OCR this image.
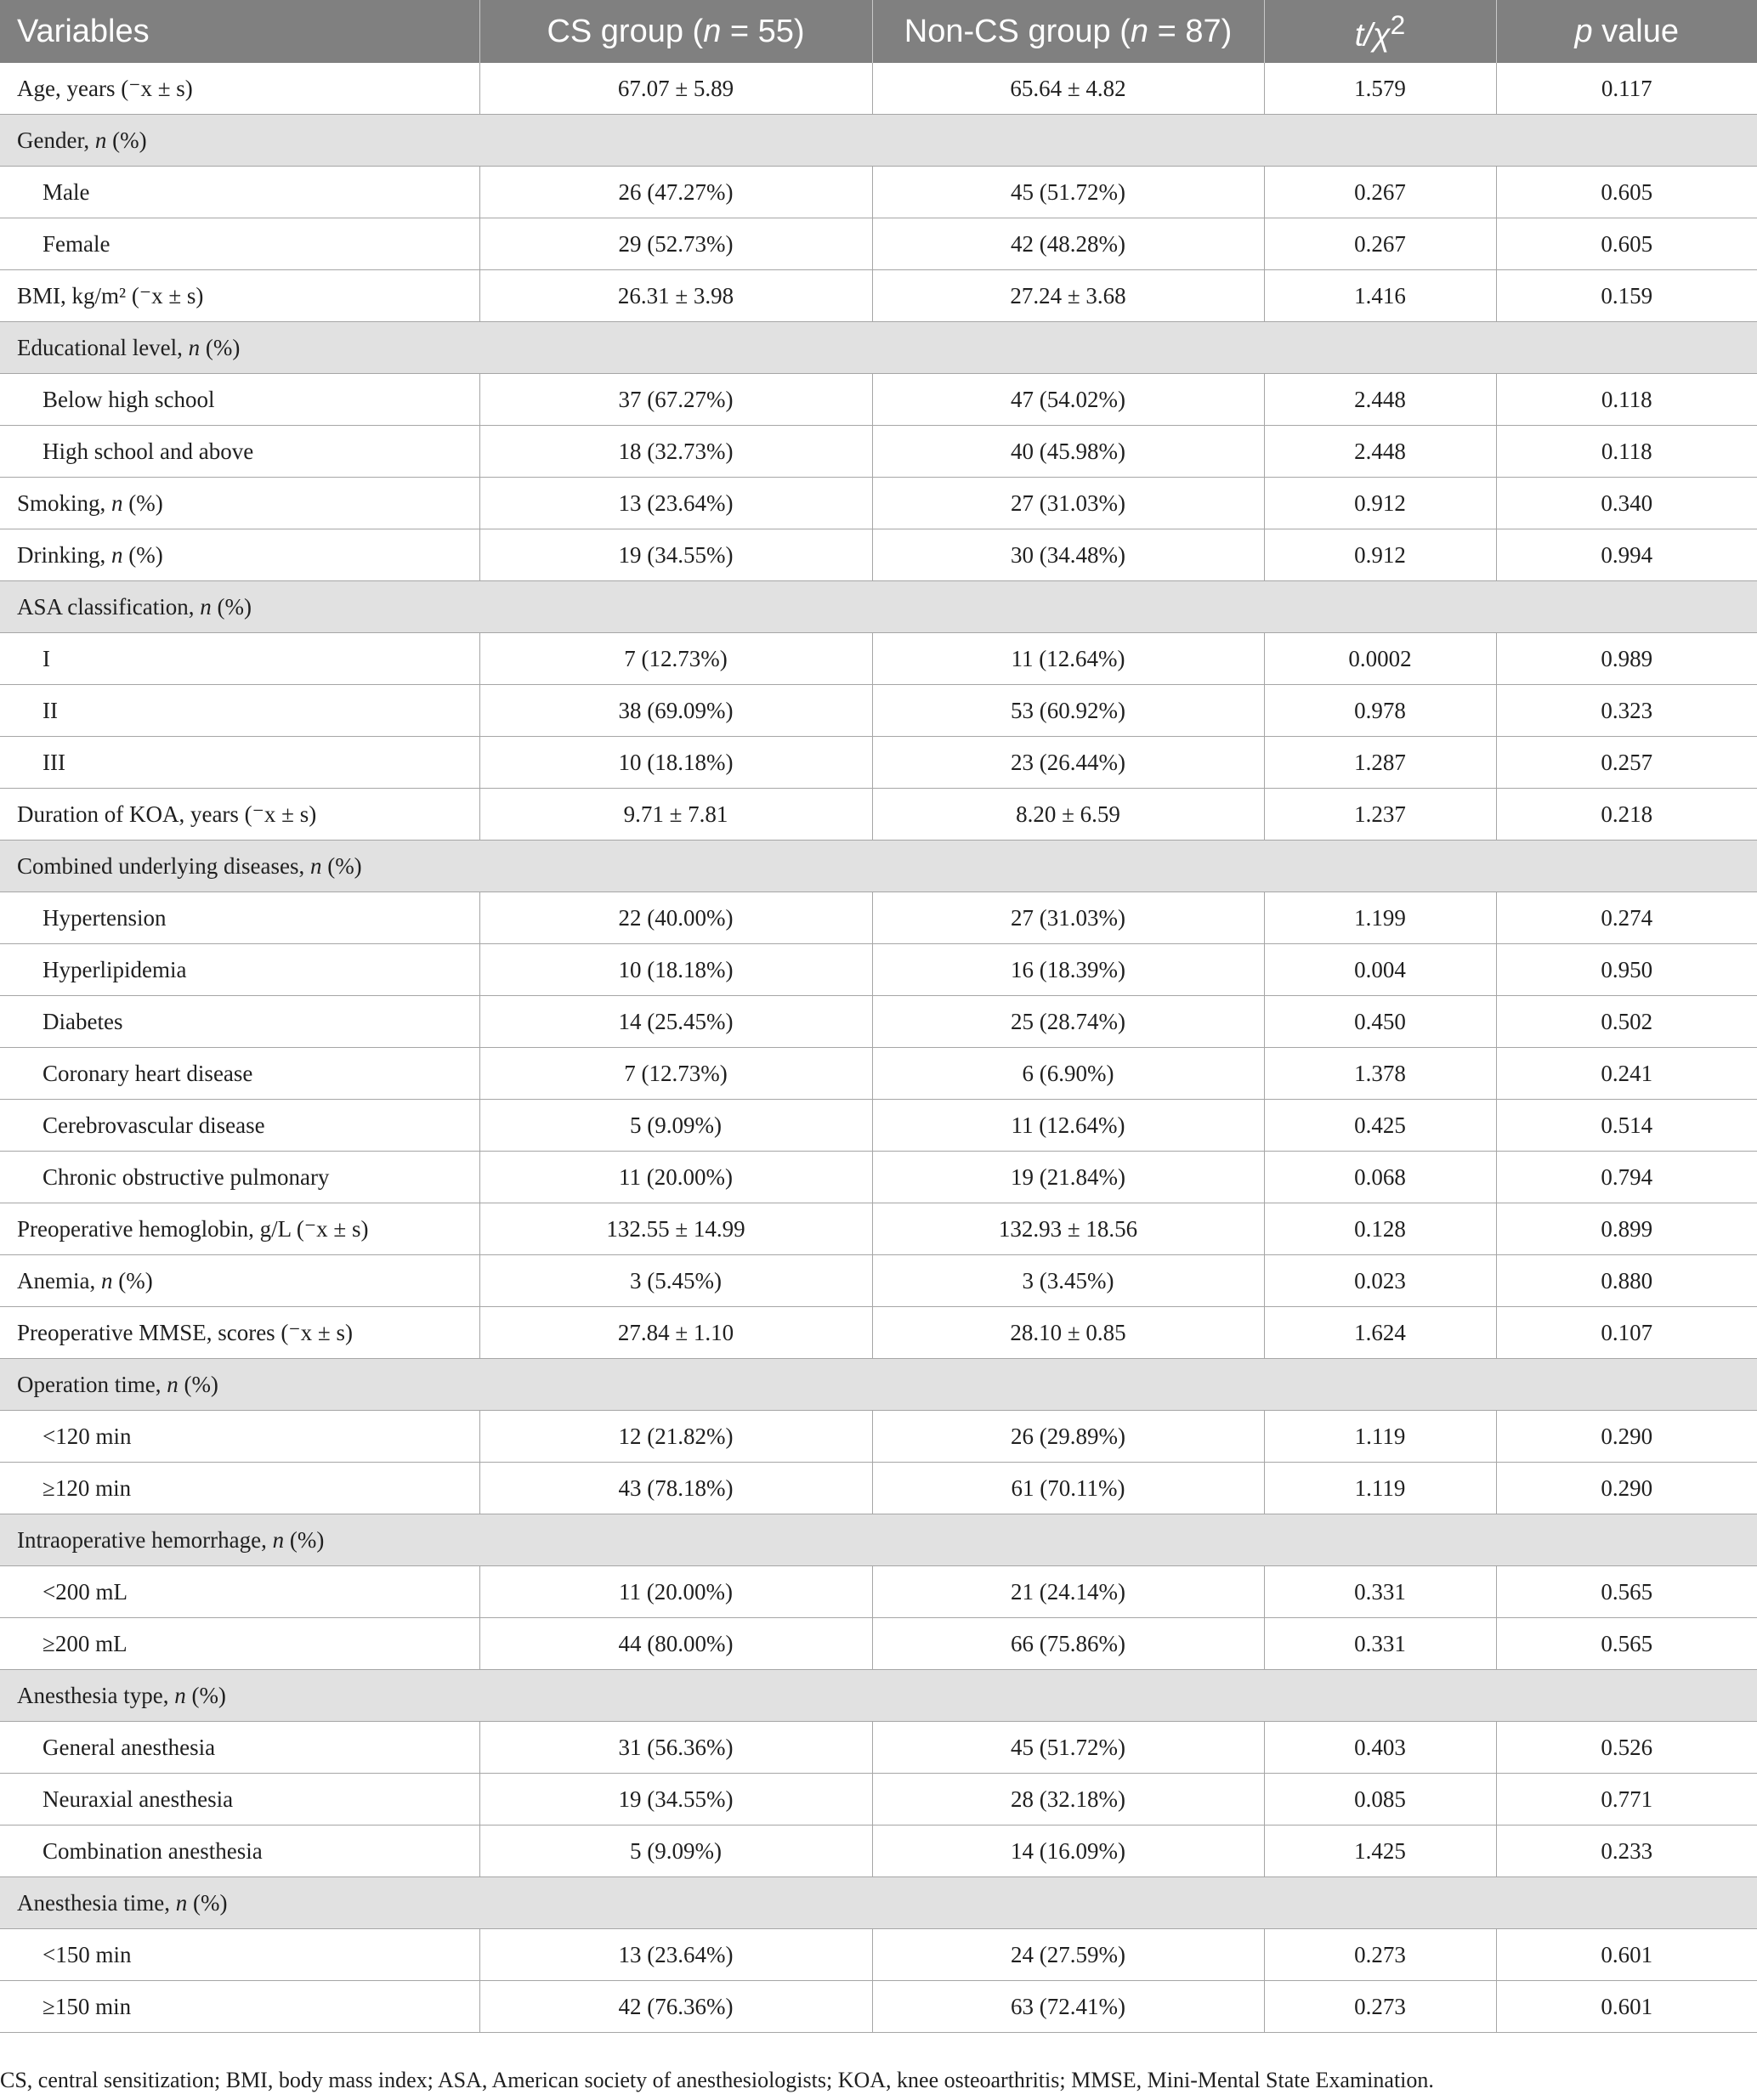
Variables	CS group (n = 55)	Non-CS group (n = 87)	$t/\chi^2$	p value
Age, years (⁻x ± s)	67.07 ± 5.89	65.64 ± 4.82	1.579	0.117
Gender, n (%)				
Male	26 (47.27%)	45 (51.72%)	0.267	0.605
Female	29 (52.73%)	42 (48.28%)	0.267	0.605
BMI, kg/m² (⁻x ± s)	26.31 ± 3.98	27.24 ± 3.68	1.416	0.159
Educational level, n (%)				
Below high school	37 (67.27%)	47 (54.02%)	2.448	0.118
High school and above	18 (32.73%)	40 (45.98%)	2.448	0.118
Smoking, n (%)	13 (23.64%)	27 (31.03%)	0.912	0.340
Drinking, n (%)	19 (34.55%)	30 (34.48%)	0.912	0.994
ASA classification, n (%)				
I	7 (12.73%)	11 (12.64%)	0.0002	0.989
II	38 (69.09%)	53 (60.92%)	0.978	0.323
III	10 (18.18%)	23 (26.44%)	1.287	0.257
Duration of KOA, years (⁻x ± s)	9.71 ± 7.81	8.20 ± 6.59	1.237	0.218
Combined underlying diseases, n (%)				
Hypertension	22 (40.00%)	27 (31.03%)	1.199	0.274
Hyperlipidemia	10 (18.18%)	16 (18.39%)	0.004	0.950
Diabetes	14 (25.45%)	25 (28.74%)	0.450	0.502
Coronary heart disease	7 (12.73%)	6 (6.90%)	1.378	0.241
Cerebrovascular disease	5 (9.09%)	11 (12.64%)	0.425	0.514
Chronic obstructive pulmonary	11 (20.00%)	19 (21.84%)	0.068	0.794
Preoperative hemoglobin, g/L (⁻x ± s)	132.55 ± 14.99	132.93 ± 18.56	0.128	0.899
Anemia, n (%)	3 (5.45%)	3 (3.45%)	0.023	0.880
Preoperative MMSE, scores (⁻x ± s)	27.84 ± 1.10	28.10 ± 0.85	1.624	0.107
Operation time, n (%)				
<120 min	12 (21.82%)	26 (29.89%)	1.119	0.290
≥120 min	43 (78.18%)	61 (70.11%)	1.119	0.290
Intraoperative hemorrhage, n (%)				
<200 mL	11 (20.00%)	21 (24.14%)	0.331	0.565
≥200 mL	44 (80.00%)	66 (75.86%)	0.331	0.565
Anesthesia type, n (%)				
General anesthesia	31 (56.36%)	45 (51.72%)	0.403	0.526
Neuraxial anesthesia	19 (34.55%)	28 (32.18%)	0.085	0.771
Combination anesthesia	5 (9.09%)	14 (16.09%)	1.425	0.233
Anesthesia time, n (%)				
<150 min	13 (23.64%)	24 (27.59%)	0.273	0.601
≥150 min	42 (76.36%)	63 (72.41%)	0.273	0.601
CS, central sensitization; BMI, body mass index; ASA, American society of anesthesiologists; KOA, knee osteoarthritis; MMSE, Mini-Mental State Examination.
